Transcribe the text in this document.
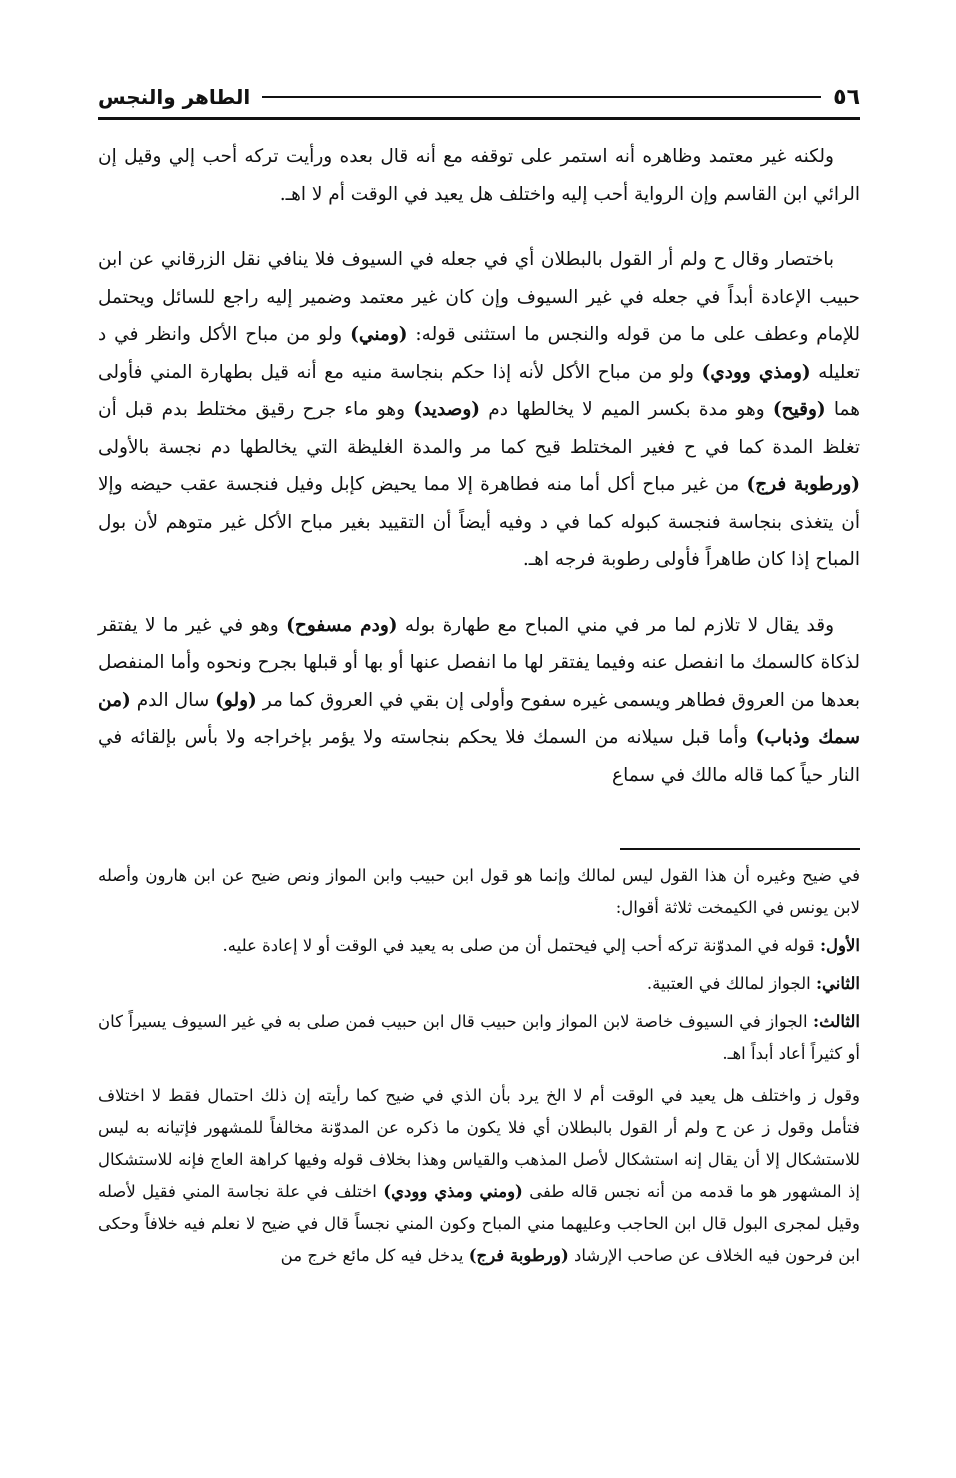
٥٦
الطاهر والنجس

ولكنه غير معتمد وظاهره أنه استمر على توقفه مع أنه قال بعده ورأيت تركه أحب إلي وقيل إن الرائي ابن القاسم وإن الرواية أحب إليه واختلف هل يعيد في الوقت أم لا اهـ.

باختصار وقال ح ولم أر القول بالبطلان أي في جعله في السيوف فلا ينافي نقل الزرقاني عن ابن حبيب الإعادة أبداً في جعله في غير السيوف وإن كان غير معتمد وضمير إليه راجع للسائل ويحتمل للإمام وعطف على ما من قوله والنجس ما استثنى قوله: (ومني) ولو من مباح الأكل وانظر في د تعليله (ومذي وودي) ولو من مباح الأكل لأنه إذا حكم بنجاسة منيه مع أنه قيل بطهارة المني فأولى هما (وقيح) وهو مدة بكسر الميم لا يخالطها دم (وصديد) وهو ماء جرح رقيق مختلط بدم قبل أن تغلظ المدة كما في ح فغير المختلط قيح كما مر والمدة الغليظة التي يخالطها دم نجسة بالأولى (ورطوبة فرج) من غير مباح أكل أما منه فطاهرة إلا مما يحيض كإبل وفيل فنجسة عقب حيضه وإلا أن يتغذى بنجاسة فنجسة كبوله كما في د وفيه أيضاً أن التقييد بغير مباح الأكل غير متوهم لأن بول المباح إذا كان طاهراً فأولى رطوبة فرجه اهـ.

وقد يقال لا تلازم لما مر في مني المباح مع طهارة بوله (ودم مسفوح) وهو في غير ما لا يفتقر لذكاة كالسمك ما انفصل عنه وفيما يفتقر لها ما انفصل عنها أو بها أو قبلها بجرح ونحوه وأما المنفصل بعدها من العروق فطاهر ويسمى غيره سفوح وأولى إن بقي في العروق كما مر (ولو) سال الدم (من سمك وذباب) وأما قبل سيلانه من السمك فلا يحكم بنجاسته ولا يؤمر بإخراجه ولا بأس بإلقائه في النار حياً كما قاله مالك في سماع

في ضيح وغيره أن هذا القول ليس لمالك وإنما هو قول ابن حبيب وابن المواز ونص ضيح عن ابن هارون وأصله لابن يونس في الكيمخت ثلاثة أقوال:

الأول: قوله في المدوّنة تركه أحب إلي فيحتمل أن من صلى به يعيد في الوقت أو لا إعادة عليه.

الثاني: الجواز لمالك في العتبية.

الثالث: الجواز في السيوف خاصة لابن المواز وابن حبيب قال ابن حبيب فمن صلى به في غير السيوف يسيراً كان أو كثيراً أعاد أبداً اهـ.

وقول ز واختلف هل يعيد في الوقت أم لا الخ يرد بأن الذي في ضيح كما رأيته إن ذلك احتمال فقط لا اختلاف فتأمل وقول ز عن ح ولم أر القول بالبطلان أي فلا يكون ما ذكره عن المدوّنة مخالفاً للمشهور فإتيانه به ليس للاستشكال إلا أن يقال إنه استشكال لأصل المذهب والقياس وهذا بخلاف قوله وفيها كراهة العاج فإنه للاستشكال إذ المشهور هو ما قدمه من أنه نجس قاله طفى (ومني ومذي وودي) اختلف في علة نجاسة المني فقيل لأصله وقيل لمجرى البول قال ابن الحاجب وعليهما مني المباح وكون المني نجساً قال في ضيح لا نعلم فيه خلافاً وحكى ابن فرحون فيه الخلاف عن صاحب الإرشاد (ورطوبة فرج) يدخل فيه كل مائع خرج من
